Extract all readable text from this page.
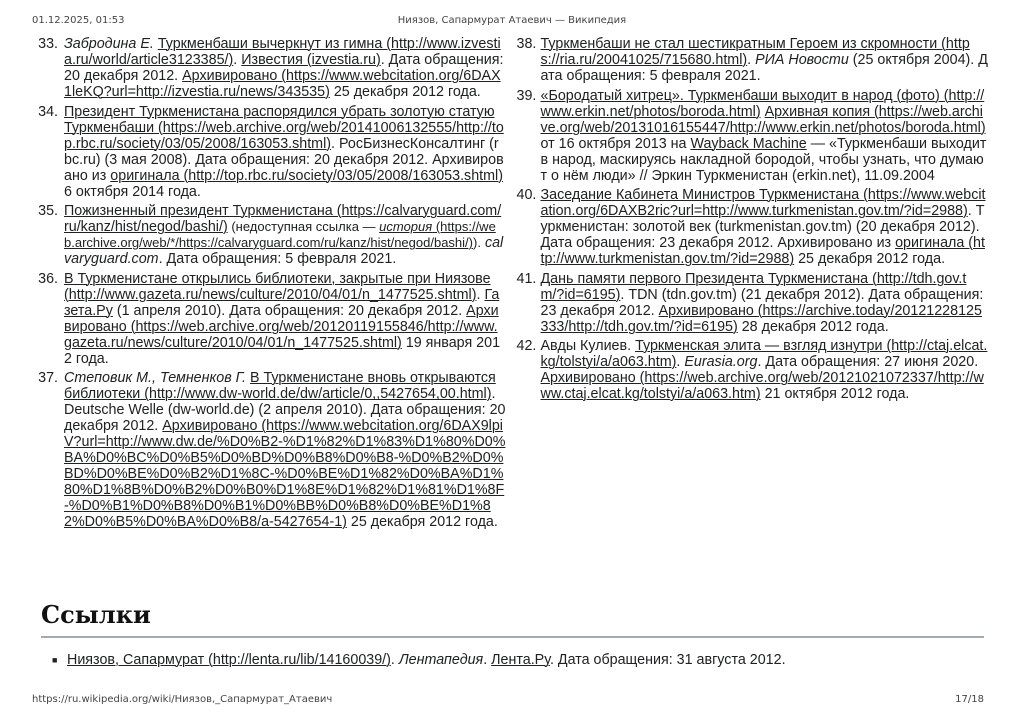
01.12.2025, 01:53	Ниязов, Сапармурат Атаевич — Википедия
33. Забродина Е. Туркменбаши вычеркнут из гимна (http://www.izvestia.ru/world/article3123385/). Известия (izvestia.ru). Дата обращения: 20 декабря 2012. Архивировано (https://www.webcitation.org/6DAX1leKQ?url=http://izvestia.ru/news/343535) 25 декабря 2012 года.
34. Президент Туркменистана распорядился убрать золотую статую Туркменбаши (https://web.archive.org/web/20141006132555/http://top.rbc.ru/society/03/05/2008/163053.shtml). РосБизнесКонсалтинг (rbc.ru) (3 мая 2008). Дата обращения: 20 декабря 2012. Архивировано из оригинала (http://top.rbc.ru/society/03/05/2008/163053.shtml) 6 октября 2014 года.
35. Пожизненный президент Туркменистана (https://calvaryguard.com/ru/kanz/hist/negod/bashi/) (недоступная ссылка — история (https://web.archive.org/web/*/https://calvaryguard.com/ru/kanz/hist/negod/bashi/)). calvaryguard.com. Дата обращения: 5 февраля 2021.
36. В Туркменистане открылись библиотеки, закрытые при Ниязове (http://www.gazeta.ru/news/culture/2010/04/01/n_1477525.shtml). Газета.Ру (1 апреля 2010). Дата обращения: 20 декабря 2012. Архивировано (https://web.archive.org/web/20120119155846/http://www.gazeta.ru/news/culture/2010/04/01/n_1477525.shtml) 19 января 2012 года.
37. Степовик М., Темненков Г. В Туркменистане вновь открываются библиотеки (http://www.dw-world.de/dw/article/0,,5427654,00.html). Deutsche Welle (dw-world.de) (2 апреля 2010). Дата обращения: 20 декабря 2012. Архивировано (https://www.webcitation.org/6DAX9lpiV?url=http://www.dw.de/%D0%B2-%D1%82%D1%83%D1%80%D0%BA%D0%BC%D0%B5%D0%BD%D0%B8%D0%B8-%D0%B2%D0%BD%D0%BE%D0%B2%D1%8C-%D0%BE%D1%82%D0%BA%D1%80%D1%8B%D0%B2%D0%B0%D1%8E%D1%82%D1%81%D1%8F-%D0%B1%D0%B8%D0%B1%D0%BB%D0%B8%D0%BE%D1%82%D0%B5%D0%BA%D0%B8/a-5427654-1) 25 декабря 2012 года.
38. Туркменбаши не стал шестикратным Героем из скромности (https://ria.ru/20041025/715680.html). РИА Новости (25 октября 2004). Дата обращения: 5 февраля 2021.
39. «Бородатый хитрец». Туркменбаши выходит в народ (фото) (http://www.erkin.net/photos/boroda.html) Архивная копия (https://web.archive.org/web/20131016155447/http://www.erkin.net/photos/boroda.html) от 16 октября 2013 на Wayback Machine — «Туркменбаши выходит в народ, маскируясь накладной бородой, чтобы узнать, что думают о нём люди» // Эркин Туркменистан (erkin.net), 11.09.2004
40. Заседание Кабинета Министров Туркменистана (https://www.webcitation.org/6DAXB2ric?url=http://www.turkmenistan.gov.tm/?id=2988). Туркменистан: золотой век (turkmenistan.gov.tm) (20 декабря 2012). Дата обращения: 23 декабря 2012. Архивировано из оригинала (http://www.turkmenistan.gov.tm/?id=2988) 25 декабря 2012 года.
41. Дань памяти первого Президента Туркменистана (http://tdh.gov.tm/?id=6195). TDN (tdn.gov.tm) (21 декабря 2012). Дата обращения: 23 декабря 2012. Архивировано (https://archive.today/20121228125333/http://tdh.gov.tm/?id=6195) 28 декабря 2012 года.
42. Авды Кулиев. Туркменская элита — взгляд изнутри (http://ctaj.elcat.kg/tolstyi/a/a063.htm). Eurasia.org. Дата обращения: 27 июня 2020. Архивировано (https://web.archive.org/web/20121021072337/http://www.ctaj.elcat.kg/tolstyi/a/a063.htm) 21 октября 2012 года.
Ссылки
■ Ниязов, Сапармурат (http://lenta.ru/lib/14160039/). Лентапедия. Лента.Ру. Дата обращения: 31 августа 2012.
https://ru.wikipedia.org/wiki/Ниязов,_Сапармурат_Атаевич	17/18
